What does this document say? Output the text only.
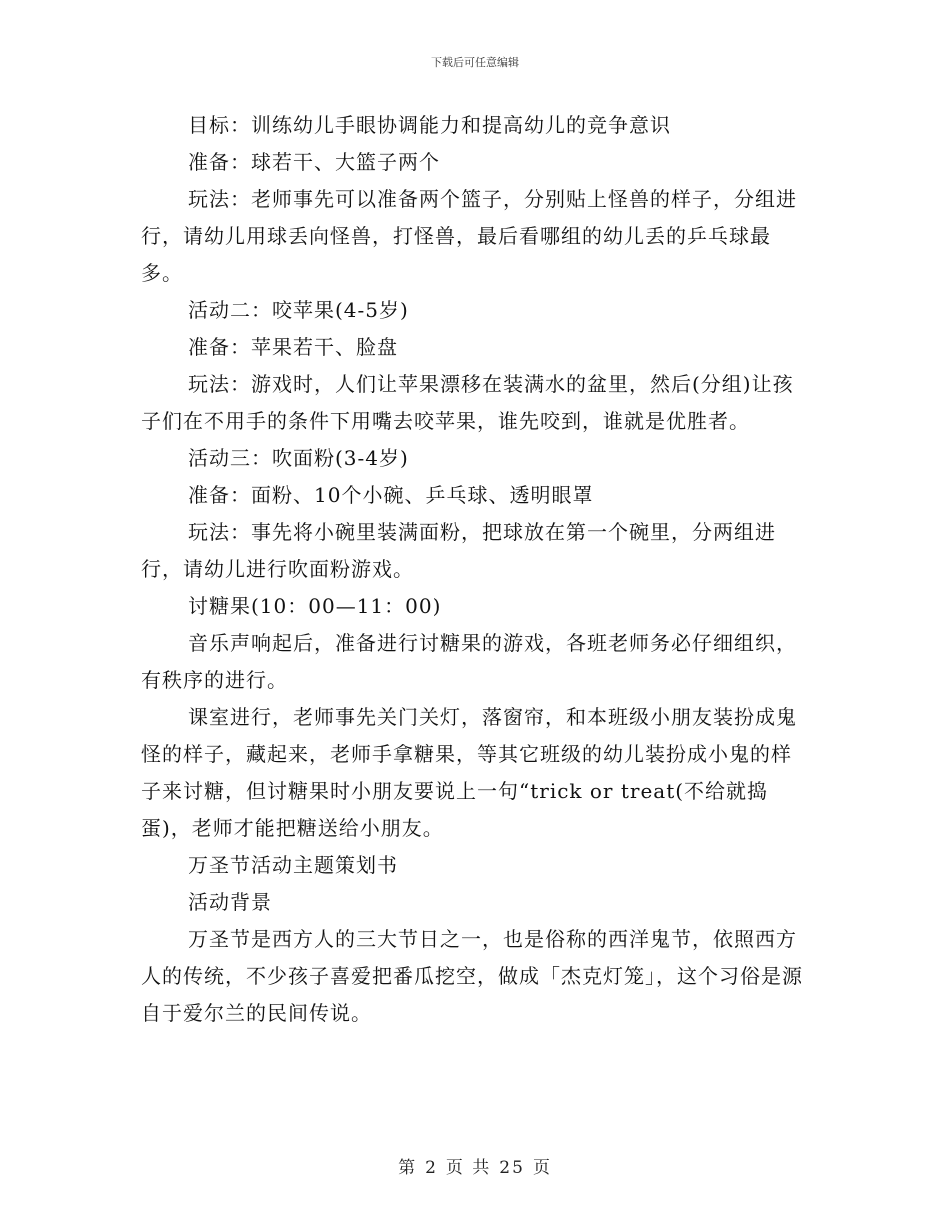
下载后可任意编辑

目标：训练幼儿手眼协调能力和提高幼儿的竞争意识

准备：球若干、大篮子两个

玩法：老师事先可以准备两个篮子，分别贴上怪兽的样子，分组进行，请幼儿用球丢向怪兽，打怪兽，最后看哪组的幼儿丢的乒乓球最多。

活动二：咬苹果(4-5岁)

准备：苹果若干、脸盘

玩法：游戏时，人们让苹果漂移在装满水的盆里，然后(分组)让孩子们在不用手的条件下用嘴去咬苹果，谁先咬到，谁就是优胜者。

活动三：吹面粉(3-4岁)

准备：面粉、10个小碗、乒乓球、透明眼罩

玩法：事先将小碗里装满面粉，把球放在第一个碗里，分两组进行，请幼儿进行吹面粉游戏。

讨糖果(10：00—11：00)

音乐声响起后，准备进行讨糖果的游戏，各班老师务必仔细组织，有秩序的进行。

课室进行，老师事先关门关灯，落窗帘，和本班级小朋友装扮成鬼怪的样子，藏起来，老师手拿糖果，等其它班级的幼儿装扮成小鬼的样子来讨糖，但讨糖果时小朋友要说上一句“trick or treat(不给就捣蛋)，老师才能把糖送给小朋友。

万圣节活动主题策划书

活动背景

万圣节是西方人的三大节日之一，也是俗称的西洋鬼节，依照西方人的传统，不少孩子喜爱把番瓜挖空，做成「杰克灯笼」，这个习俗是源自于爱尔兰的民间传说。

第 2 页 共 25 页
